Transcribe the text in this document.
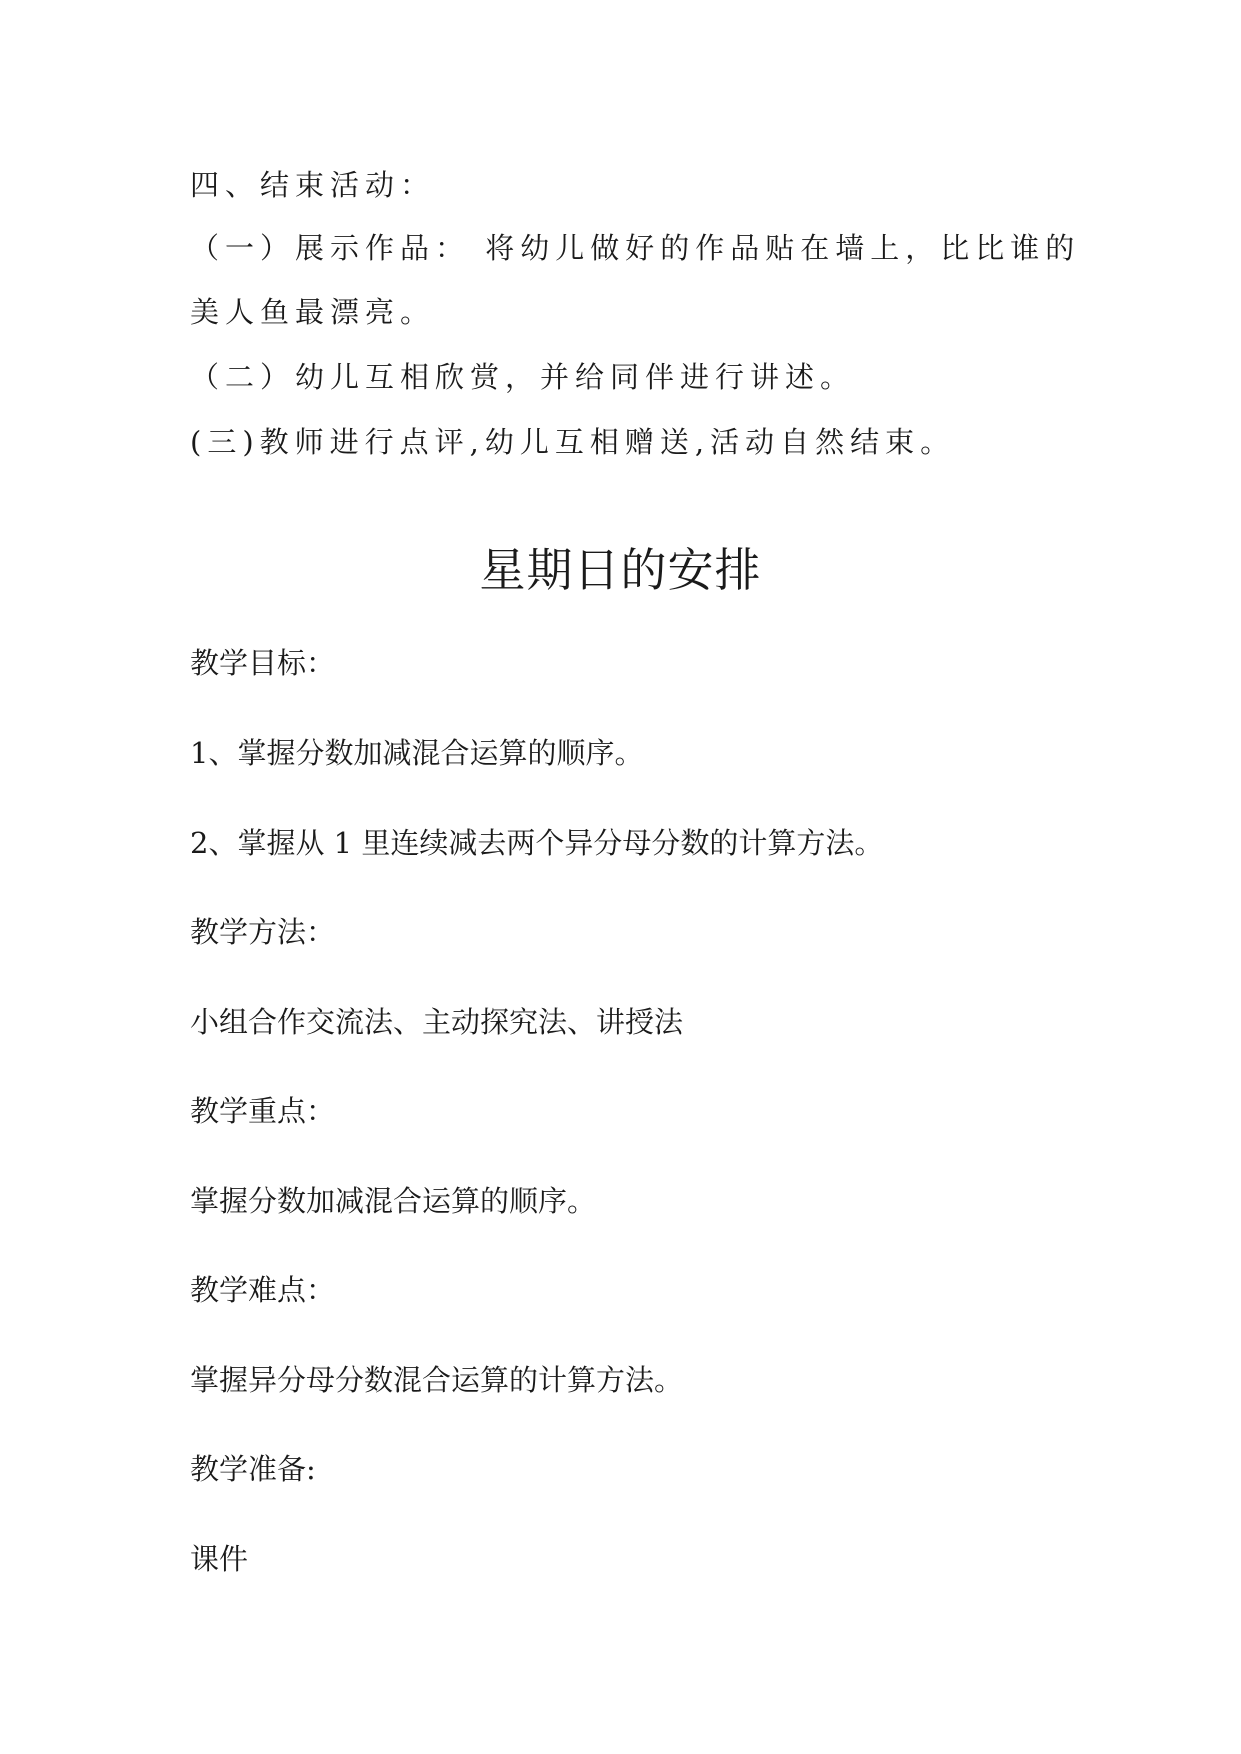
四、结束活动：

（一）展示作品： 将幼儿做好的作品贴在墙上，比比谁的

美人鱼最漂亮。

（二）幼儿互相欣赏，并给同伴进行讲述。

(三)教师进行点评,幼儿互相赠送,活动自然结束。

星期日的安排

教学目标：

1、掌握分数加减混合运算的顺序。

2、掌握从 1 里连续减去两个异分母分数的计算方法。

教学方法：

小组合作交流法、主动探究法、讲授法

教学重点：

掌握分数加减混合运算的顺序。

教学难点：

掌握异分母分数混合运算的计算方法。

教学准备:

课件
